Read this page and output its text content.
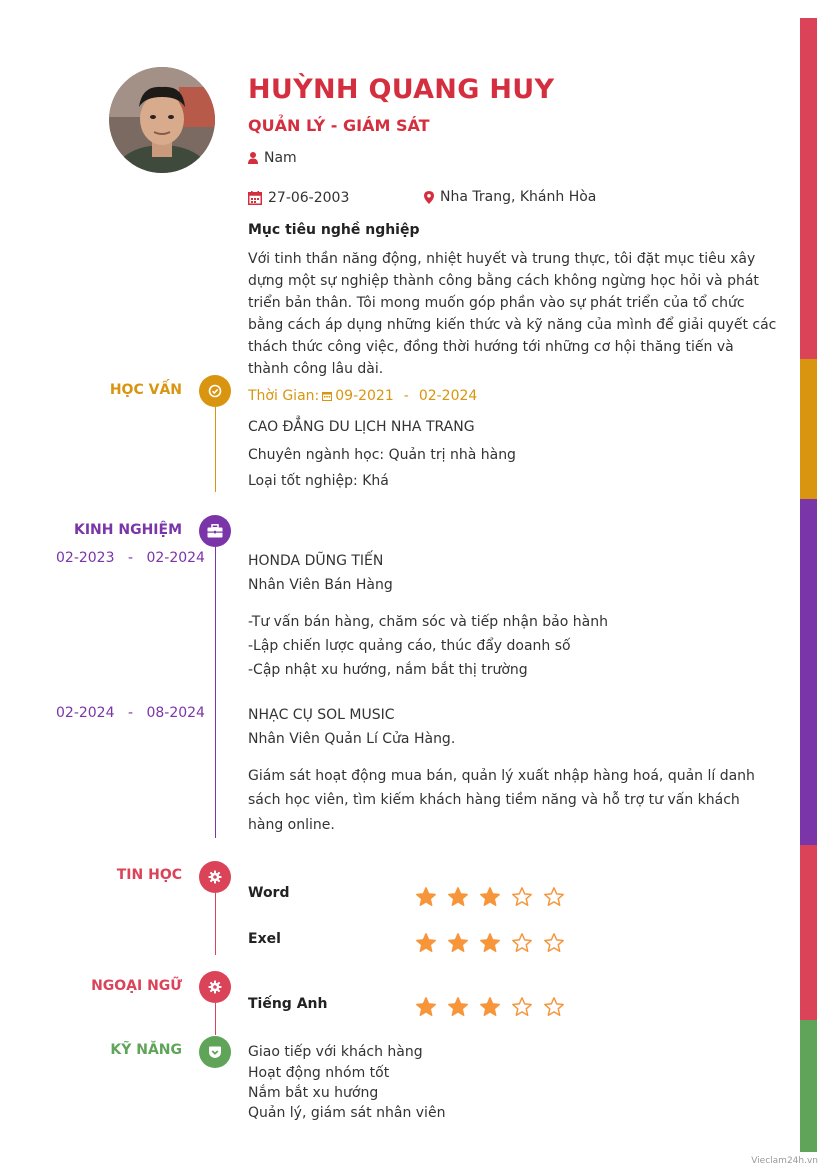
HUỲNH QUANG HUY
QUẢN LÝ - GIÁM SÁT
Nam
27-06-2003	Nha Trang, Khánh Hòa
Mục tiêu nghề nghiệp
Với tinh thần năng động, nhiệt huyết và trung thực, tôi đặt mục tiêu xây dựng một sự nghiệp thành công bằng cách không ngừng học hỏi và phát triển bản thân. Tôi mong muốn góp phần vào sự phát triển của tổ chức bằng cách áp dụng những kiến thức và kỹ năng của mình để giải quyết các thách thức công việc, đồng thời hướng tới những cơ hội thăng tiến và thành công lâu dài.
HỌC VẤN	Thời Gian: 09-2021 - 02-2024
CAO ĐẲNG DU LỊCH NHA TRANG
Chuyên ngành học: Quản trị nhà hàng
Loại tốt nghiệp: Khá
KINH NGHIỆM
02-2023 - 02-2024	HONDA DŨNG TIẾN
Nhân Viên Bán Hàng
-Tư vấn bán hàng, chăm sóc và tiếp nhận bảo hành
-Lập chiến lược quảng cáo, thúc đẩy doanh số
-Cập nhật xu hướng, nắm bắt thị trường
02-2024 - 08-2024	NHẠC CỤ SOL MUSIC
Nhân Viên Quản Lí Cửa Hàng.
Giám sát hoạt động mua bán, quản lý xuất nhập hàng hoá, quản lí danh
sách học viên, tìm kiếm khách hàng tiềm năng và hỗ trợ tư vấn khách
hàng online.
TIN HỌC
Word
Exel
NGOẠI NGỮ
Tiếng Anh
KỸ NĂNG	Giao tiếp với khách hàng
Hoạt động nhóm tốt
Nắm bắt xu hướng
Quản lý, giám sát nhân viên
Vieclam24h.vn
